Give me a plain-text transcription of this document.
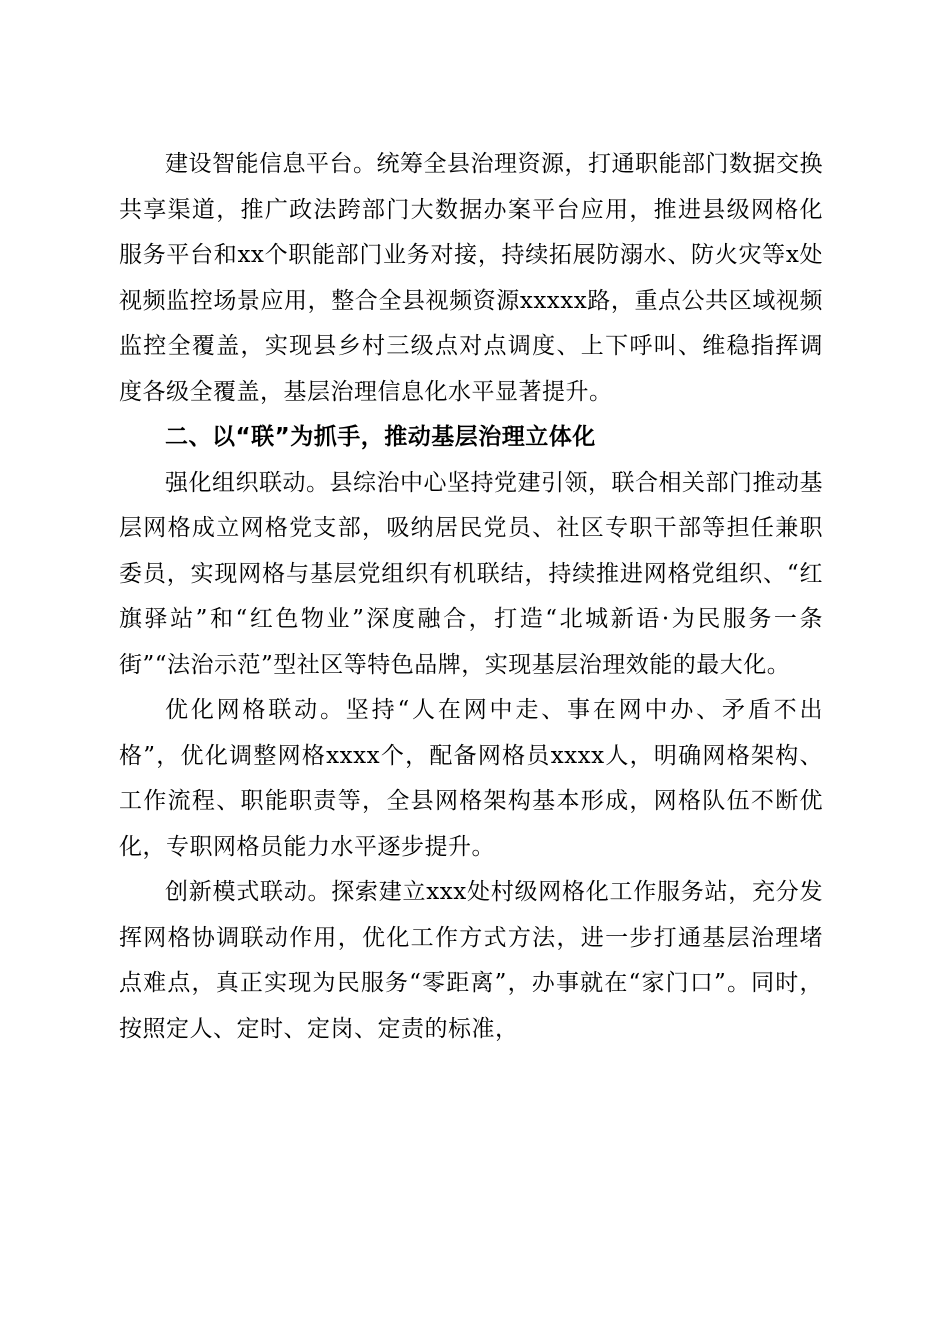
建设智能信息平台。统筹全县治理资源，打通职能部门数据交换共享渠道，推广政法跨部门大数据办案平台应用，推进县级网格化服务平台和xx个职能部门业务对接，持续拓展防溺水、防火灾等x处视频监控场景应用，整合全县视频资源xxxxx路，重点公共区域视频监控全覆盖，实现县乡村三级点对点调度、上下呼叫、维稳指挥调度各级全覆盖，基层治理信息化水平显著提升。

二、以“联”为抓手，推动基层治理立体化

强化组织联动。县综治中心坚持党建引领，联合相关部门推动基层网格成立网格党支部，吸纳居民党员、社区专职干部等担任兼职委员，实现网格与基层党组织有机联结，持续推进网格党组织、“红旗驿站”和“红色物业”深度融合，打造“北城新语·为民服务一条街”“法治示范”型社区等特色品牌，实现基层治理效能的最大化。

优化网格联动。坚持“人在网中走、事在网中办、矛盾不出格”，优化调整网格xxxx个，配备网格员xxxx人，明确网格架构、工作流程、职能职责等，全县网格架构基本形成，网格队伍不断优化，专职网格员能力水平逐步提升。

创新模式联动。探索建立xxx处村级网格化工作服务站，充分发挥网格协调联动作用，优化工作方式方法，进一步打通基层治理堵点难点，真正实现为民服务“零距离”，办事就在“家门口”。同时，按照定人、定时、定岗、定责的标准，
